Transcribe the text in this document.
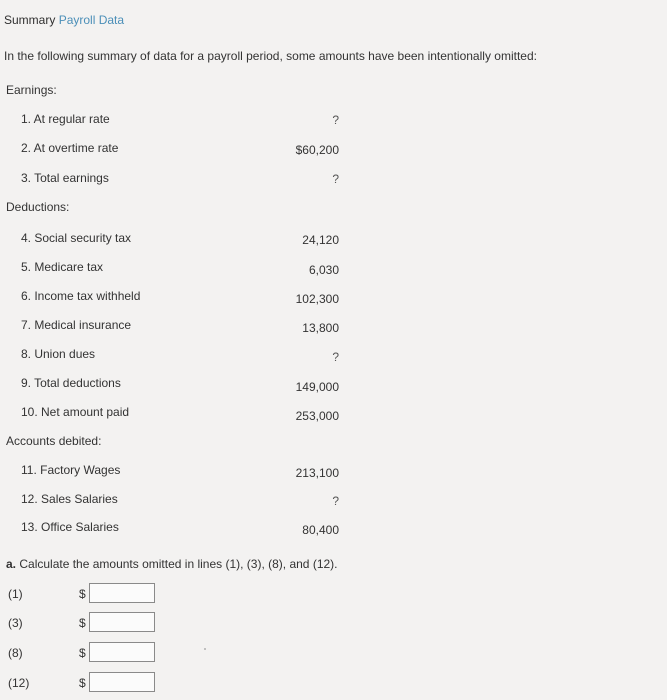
Summary Payroll Data
In the following summary of data for a payroll period, some amounts have been intentionally omitted:
Earnings:
1. At regular rate	?
2. At overtime rate	$60,200
3. Total earnings	?
Deductions:
4. Social security tax	24,120
5. Medicare tax	6,030
6. Income tax withheld	102,300
7. Medical insurance	13,800
8. Union dues	?
9. Total deductions	149,000
10. Net amount paid	253,000
Accounts debited:
11. Factory Wages	213,100
12. Sales Salaries	?
13. Office Salaries	80,400
a. Calculate the amounts omitted in lines (1), (3), (8), and (12).
(1)	$
(3)	$
(8)	$
(12)	$
